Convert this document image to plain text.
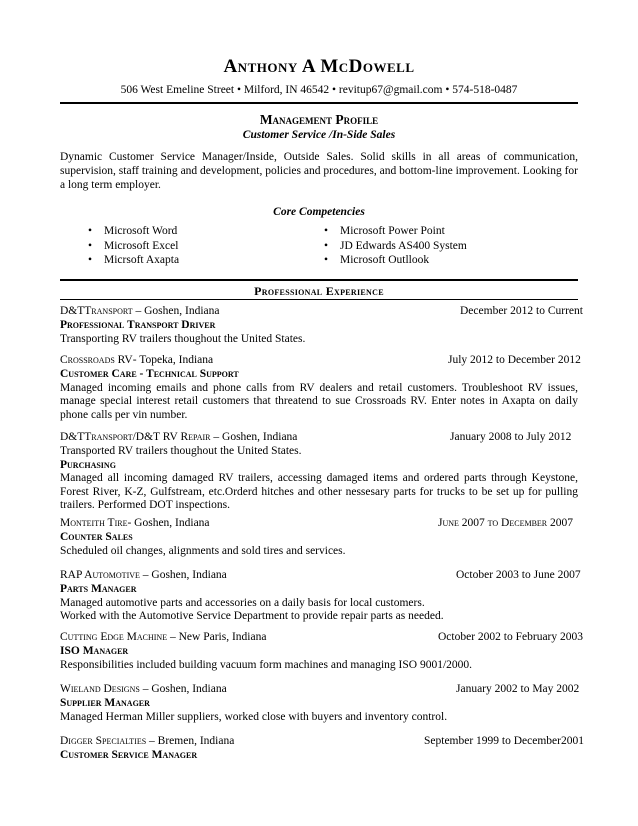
Anthony A McDowell
506 West Emeline Street • Milford, IN 46542 • revitup67@gmail.com • 574-518-0487
Management Profile
Customer Service /In-Side Sales
Dynamic Customer Service Manager/Inside, Outside Sales. Solid skills in all areas of communication, supervision, staff training and development, policies and procedures, and bottom-line improvement. Looking for a long term employer.
Core Competencies
• Microsoft Word
• Microsoft Excel
• Micrsoft Axapta
• Microsoft Power Point
• JD Edwards AS400 System
• Microsoft Outllook
Professional Experience
D&TTransport – Goshen, Indiana	December 2012 to Current
Professional Transport Driver
Transporting RV trailers thoughout the United States.
Crossroads RV- Topeka, Indiana	July 2012 to December 2012
Customer Care - Technical Support
Managed incoming emails and phone calls from RV dealers and retail customers. Troubleshoot RV issues, manage special interest retail customers that threatend to sue Crossroads RV. Enter notes in Axapta on daily phone calls per vin number.
D&TTransport/D&T RV Repair – Goshen, Indiana	January 2008 to July 2012
Transported RV trailers thoughout the United States.
Purchasing
Managed all incoming damaged RV trailers, accessing damaged items and ordered parts through Keystone, Forest River, K-Z, Gulfstream, etc.Orderd hitches and other nessesary parts for trucks to be set up for pulling trailers. Performed DOT inspections.
Monteith Tire- Goshen, Indiana	June 2007 to December 2007
Counter Sales
Scheduled oil changes, alignments and sold tires and services.
RAP Automotive – Goshen, Indiana	October 2003 to June 2007
Parts Manager
Managed automotive parts and accessories on a daily basis for local customers.
Worked with the Automotive Service Department to provide repair parts as needed.
Cutting Edge Machine – New Paris, Indiana	October 2002 to February 2003
ISO Manager
Responsibilities included building vacuum form machines and managing ISO 9001/2000.
Wieland Designs – Goshen, Indiana	January 2002 to May 2002
Supplier Manager
Managed Herman Miller suppliers, worked close with buyers and inventory control.
Digger Specialties – Bremen, Indiana	September 1999 to December2001
Customer Service Manager
